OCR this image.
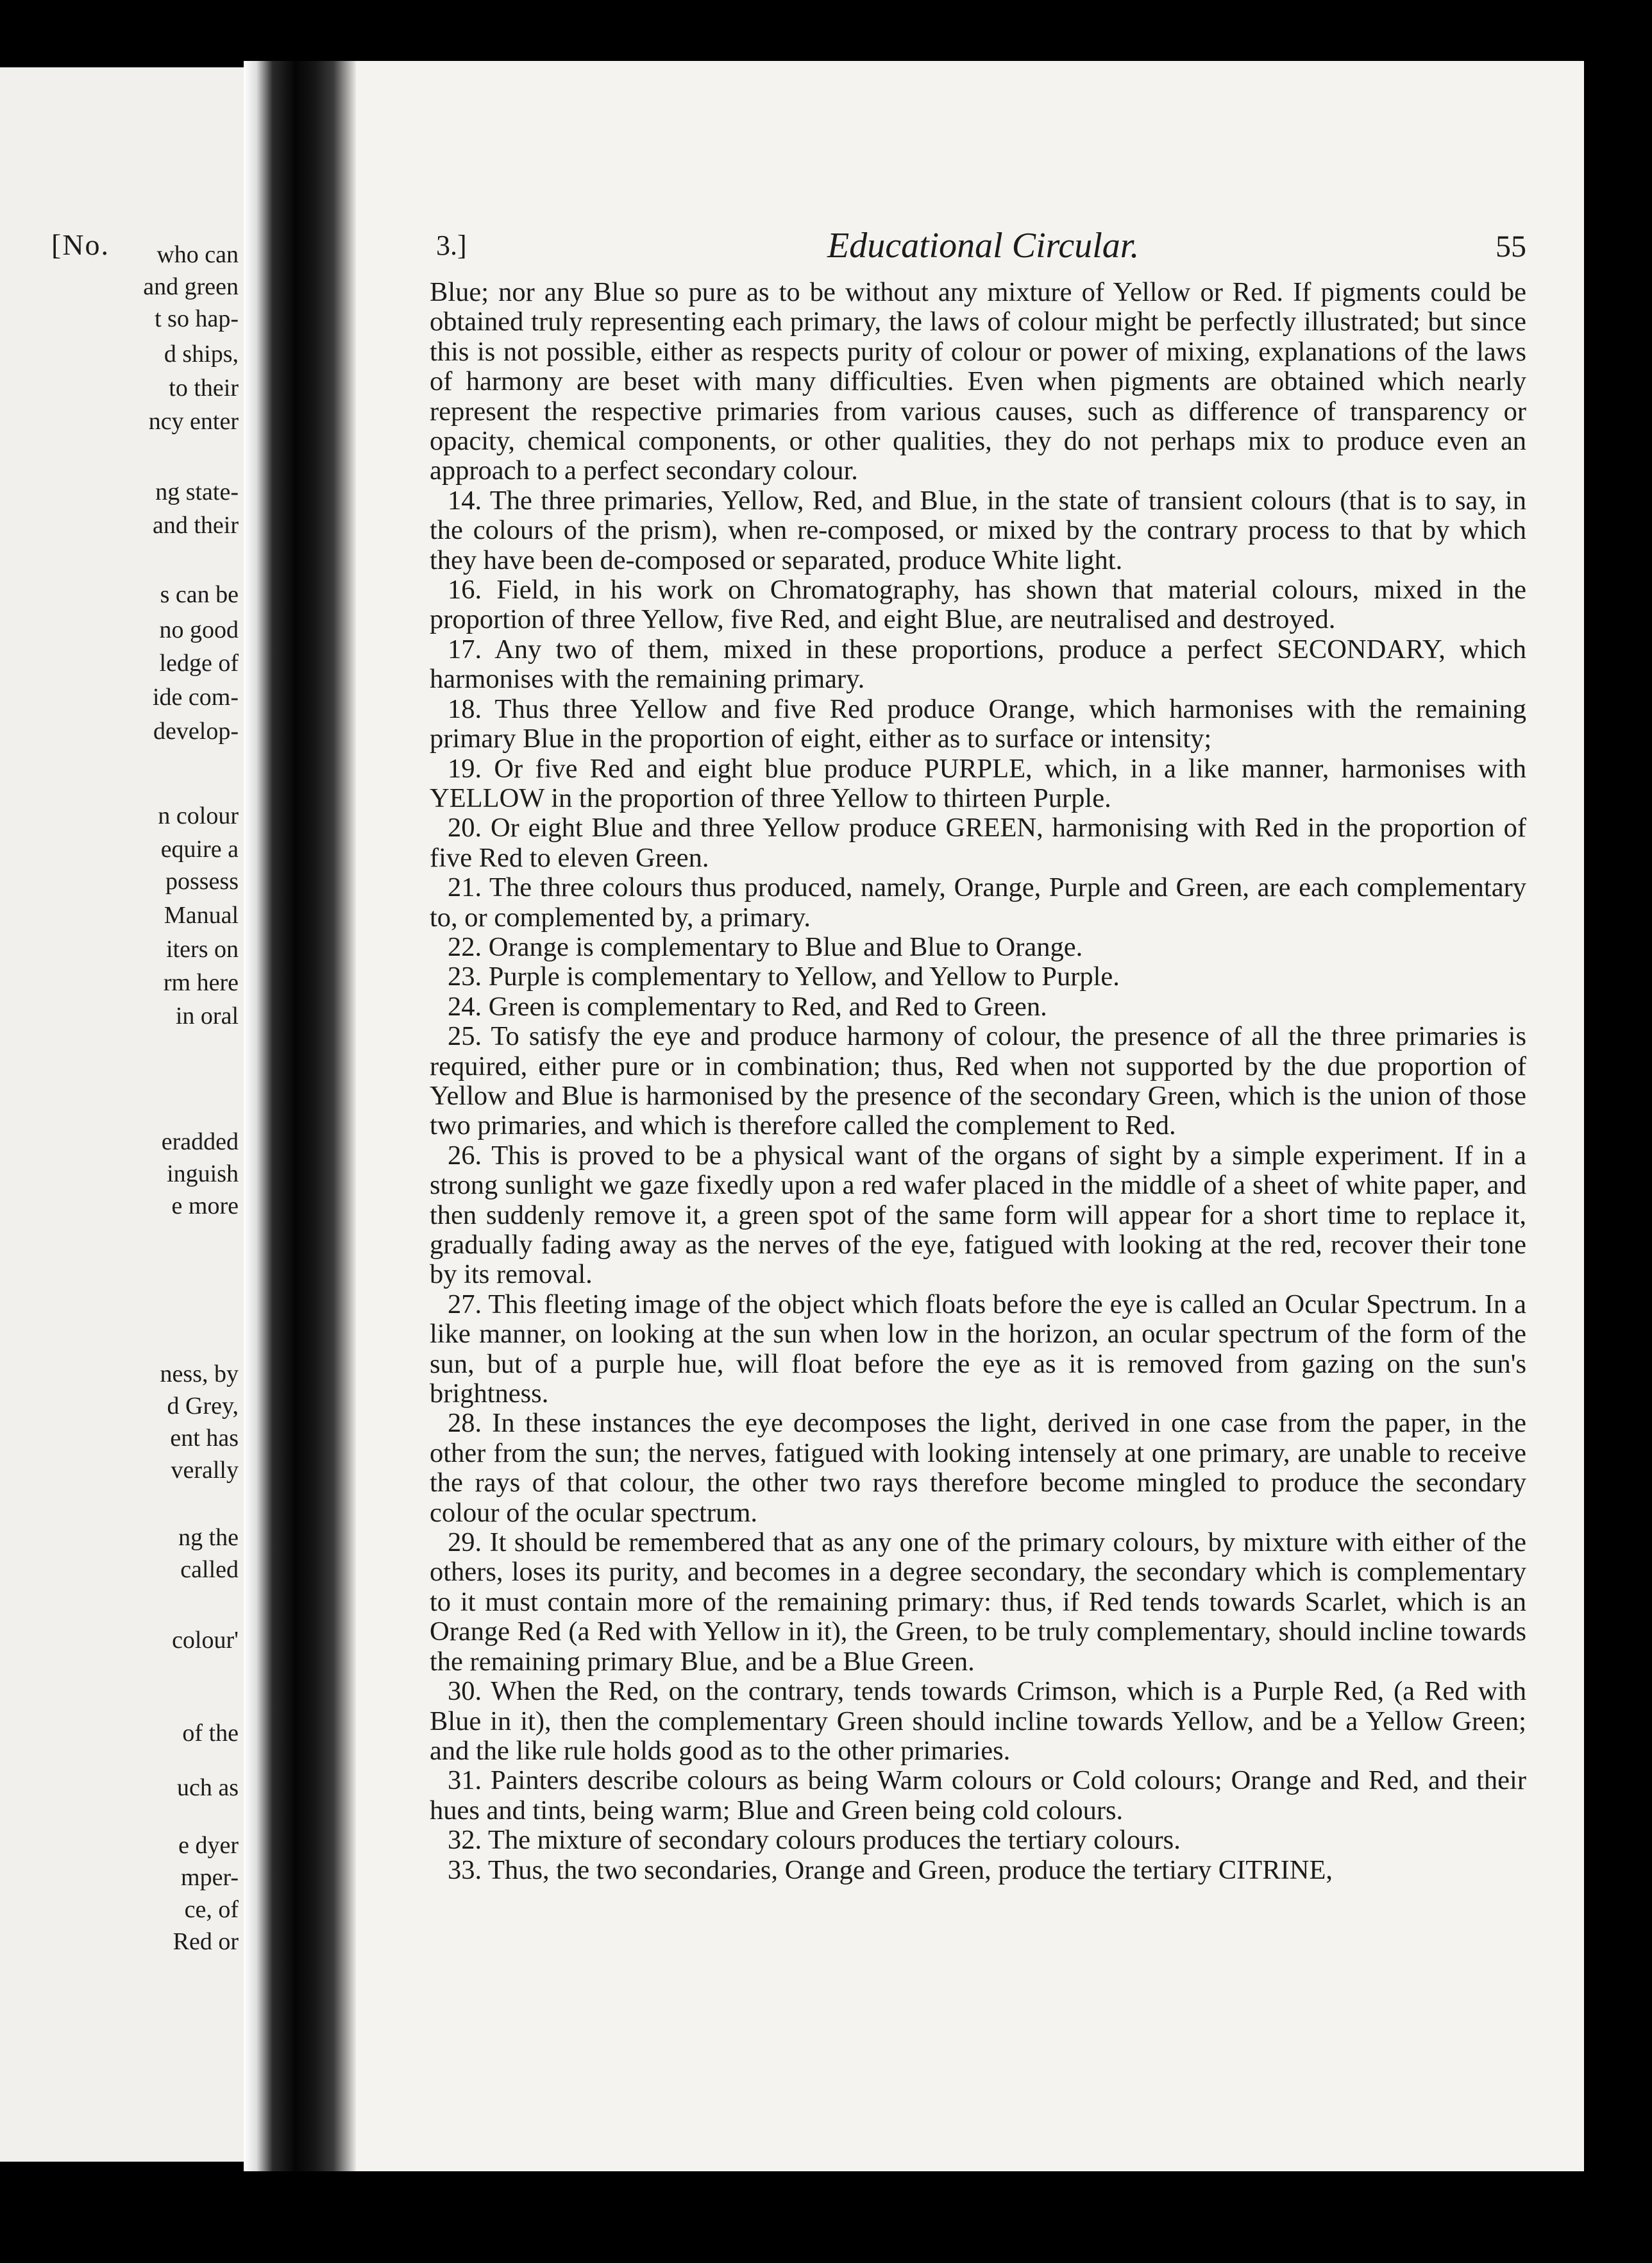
[No. who can
and green
t so hap-
d ships,
to their
ncy enter
ng state-
and their
s can be
no good
ledge of
ide com-
develop-
n colour
equire a
possess
Manual
iters on
rm here
in oral
eradded
inguish
e more
ness, by
d Grey,
ent has
verally
ng the
called
colour'
of the
uch as
e dyer
mper-
ce, of
Red or
3.]	Educational Circular.	55

Blue; nor any Blue so pure as to be without any mixture of Yellow or Red. If pigments could be obtained truly representing each primary, the laws of colour might be perfectly illustrated; but since this is not possible, either as respects purity of colour or power of mixing, explanations of the laws of harmony are beset with many difficulties. Even when pigments are obtained which nearly represent the respective primaries from various causes, such as difference of transparency or opacity, chemical components, or other qualities, they do not perhaps mix to produce even an approach to a perfect secondary colour.

14. The three primaries, Yellow, Red, and Blue, in the state of transient colours (that is to say, in the colours of the prism), when re-composed, or mixed by the contrary process to that by which they have been de-composed or separated, produce White light.

16. Field, in his work on Chromatography, has shown that material colours, mixed in the proportion of three Yellow, five Red, and eight Blue, are neutralised and destroyed.

17. Any two of them, mixed in these proportions, produce a perfect SECONDARY, which harmonises with the remaining primary.

18. Thus three Yellow and five Red produce Orange, which harmonises with the remaining primary Blue in the proportion of eight, either as to surface or intensity;

19. Or five Red and eight blue produce PURPLE, which, in a like manner, harmonises with YELLOW in the proportion of three Yellow to thirteen Purple.

20. Or eight Blue and three Yellow produce GREEN, harmonising with Red in the proportion of five Red to eleven Green.

21. The three colours thus produced, namely, Orange, Purple and Green, are each complementary to, or complemented by, a primary.

22. Orange is complementary to Blue and Blue to Orange.

23. Purple is complementary to Yellow, and Yellow to Purple.

24. Green is complementary to Red, and Red to Green.

25. To satisfy the eye and produce harmony of colour, the presence of all the three primaries is required, either pure or in combination; thus, Red when not supported by the due proportion of Yellow and Blue is harmonised by the presence of the secondary Green, which is the union of those two primaries, and which is therefore called the complement to Red.

26. This is proved to be a physical want of the organs of sight by a simple experiment. If in a strong sunlight we gaze fixedly upon a red wafer placed in the middle of a sheet of white paper, and then suddenly remove it, a green spot of the same form will appear for a short time to replace it, gradually fading away as the nerves of the eye, fatigued with looking at the red, recover their tone by its removal.

27. This fleeting image of the object which floats before the eye is called an Ocular Spectrum. In a like manner, on looking at the sun when low in the horizon, an ocular spectrum of the form of the sun, but of a purple hue, will float before the eye as it is removed from gazing on the sun's brightness.

28. In these instances the eye decomposes the light, derived in one case from the paper, in the other from the sun; the nerves, fatigued with looking intensely at one primary, are unable to receive the rays of that colour, the other two rays therefore become mingled to produce the secondary colour of the ocular spectrum.

29. It should be remembered that as any one of the primary colours, by mixture with either of the others, loses its purity, and becomes in a degree secondary, the secondary which is complementary to it must contain more of the remaining primary: thus, if Red tends towards Scarlet, which is an Orange Red (a Red with Yellow in it), the Green, to be truly complementary, should incline towards the remaining primary Blue, and be a Blue Green.

30. When the Red, on the contrary, tends towards Crimson, which is a Purple Red, (a Red with Blue in it), then the complementary Green should incline towards Yellow, and be a Yellow Green; and the like rule holds good as to the other primaries.

31. Painters describe colours as being Warm colours or Cold colours; Orange and Red, and their hues and tints, being warm; Blue and Green being cold colours.

32. The mixture of secondary colours produces the tertiary colours.

33. Thus, the two secondaries, Orange and Green, produce the tertiary CITRINE,
